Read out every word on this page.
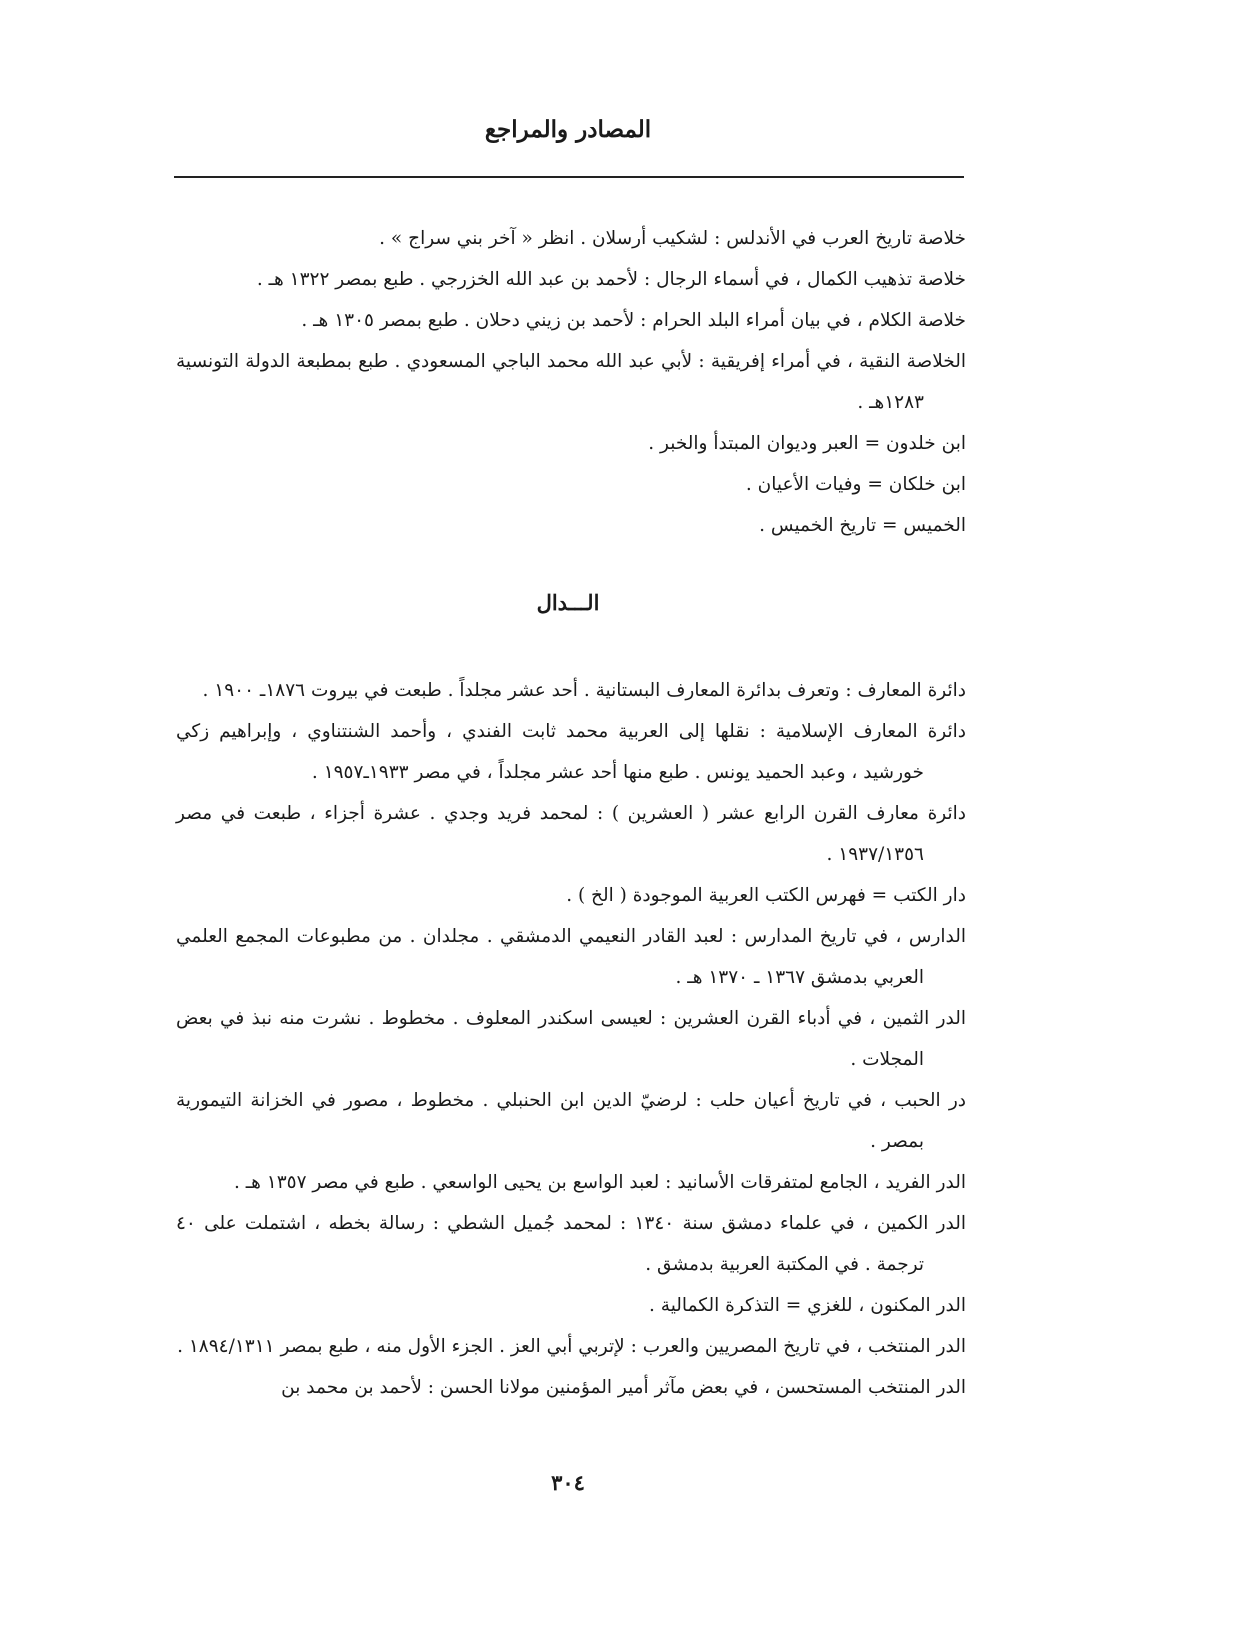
المصادر والمراجع

خلاصة تاريخ العرب في الأندلس : لشكيب أرسلان . انظر « آخر بني سراج » .

خلاصة تذهيب الكمال ، في أسماء الرجال : لأحمد بن عبد الله الخزرجي . طبع بمصر ١٣٢٢ هـ .

خلاصة الكلام ، في بيان أمراء البلد الحرام : لأحمد بن زيني دحلان . طبع بمصر ١٣٠٥ هـ .

الخلاصة النقية ، في أمراء إفريقية : لأبي عبد الله محمد الباجي المسعودي . طبع بمطبعة الدولة التونسية ١٢٨٣هـ .

ابن خلدون = العبر وديوان المبتدأ والخبر .

ابن خلكان = وفيات الأعيان .

الخميس = تاريخ الخميس .

الـــدال

دائرة المعارف : وتعرف بدائرة المعارف البستانية . أحد عشر مجلداً . طبعت في بيروت ١٨٧٦ـ ١٩٠٠ .

دائرة المعارف الإسلامية : نقلها إلى العربية محمد ثابت الفندي ، وأحمد الشنتناوي ، وإبراهيم زكي خورشيد ، وعبد الحميد يونس . طبع منها أحد عشر مجلداً ، في مصر ١٩٣٣ـ١٩٥٧ .

دائرة معارف القرن الرابع عشر ( العشرين ) : لمحمد فريد وجدي . عشرة أجزاء ، طبعت في مصر ١٩٣٧/١٣٥٦ .

دار الكتب = فهرس الكتب العربية الموجودة ( الخ ) .

الدارس ، في تاريخ المدارس : لعبد القادر النعيمي الدمشقي . مجلدان . من مطبوعات المجمع العلمي العربي بدمشق ١٣٦٧ ـ ١٣٧٠ هـ .

الدر الثمين ، في أدباء القرن العشرين : لعيسى اسكندر المعلوف . مخطوط . نشرت منه نبذ في بعض المجلات .

در الحبب ، في تاريخ أعيان حلب : لرضيّ الدين ابن الحنبلي . مخطوط ، مصور في الخزانة التيمورية بمصر .

الدر الفريد ، الجامع لمتفرقات الأسانيد : لعبد الواسع بن يحيى الواسعي . طبع في مصر ١٣٥٧ هـ .

الدر الكمين ، في علماء دمشق سنة ١٣٤٠ : لمحمد جُميل الشطي : رسالة بخطه ، اشتملت على ٤٠ ترجمة . في المكتبة العربية بدمشق .

الدر المكنون ، للغزي = التذكرة الكمالية .

الدر المنتخب ، في تاريخ المصريين والعرب : لإتربي أبي العز . الجزء الأول منه ، طبع بمصر ١٨٩٤/١٣١١ .

الدر المنتخب المستحسن ، في بعض مآثر أمير المؤمنين مولانا الحسن : لأحمد بن محمد بن

٣٠٤
